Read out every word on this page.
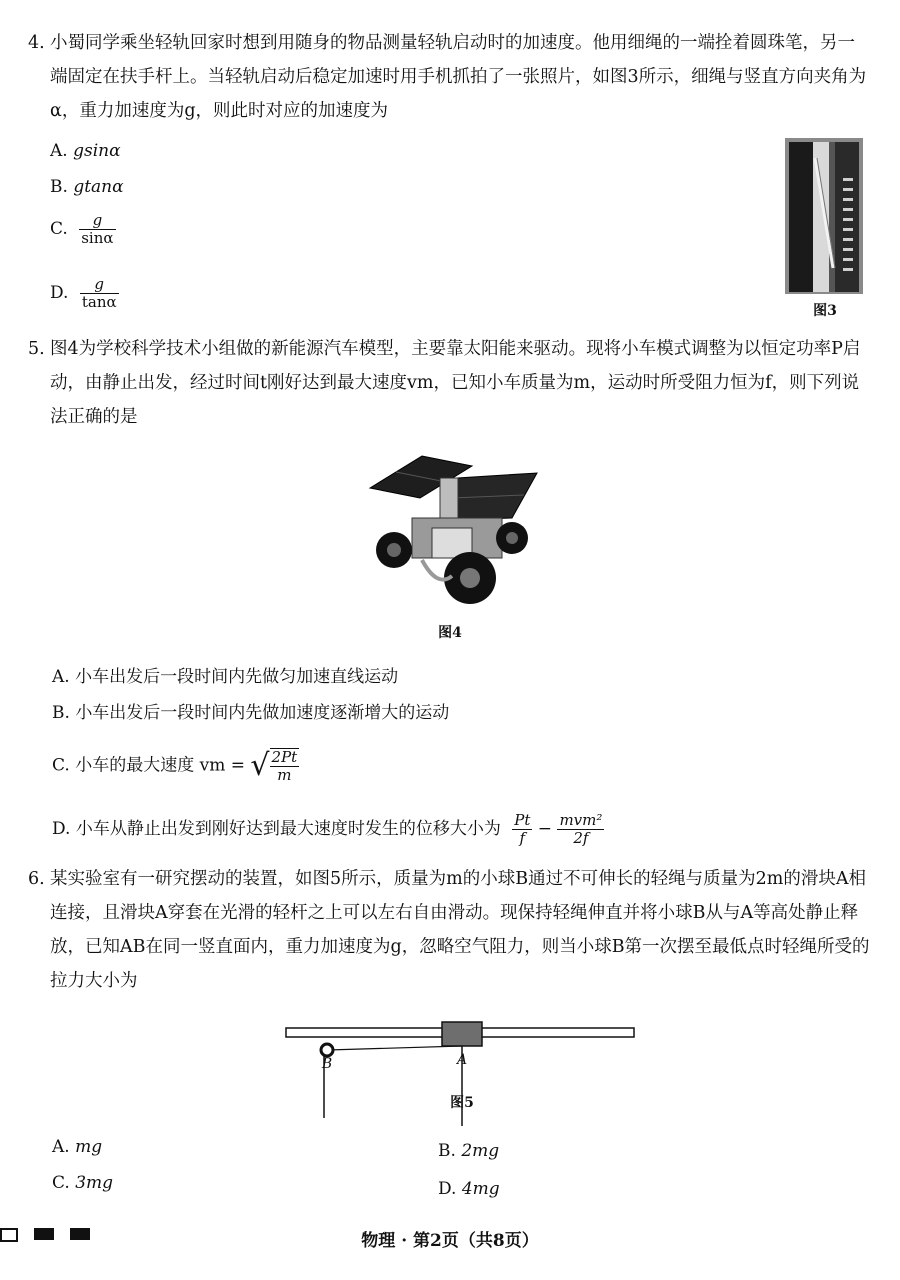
4. 小蜀同学乘坐轻轨回家时想到用随身的物品测量轻轨启动时的加速度。他用细绳的一端拴着圆珠笔，另一端固定在扶手杆上。当轻轨启动后稳定加速时用手机抓拍了一张照片，如图3所示，细绳与竖直方向夹角为α，重力加速度为g，则此时对应的加速度为
A. gsinα
B. gtanα
C. $\frac{g}{\sin\alpha}$
D. $\frac{g}{\tan\alpha}$	图3
5. 图4为学校科学技术小组做的新能源汽车模型，主要靠太阳能来驱动。现将小车模式调整为以恒定功率P启动，由静止出发，经过时间t刚好达到最大速度vm，已知小车质量为m，运动时所受阻力恒为f，则下列说法正确的是
图4
A. 小车出发后一段时间内先做匀加速直线运动
B. 小车出发后一段时间内先做加速度逐渐增大的运动
C. 小车的最大速度 vm = √ $\frac{2Pt}{m}$
D. 小车从静止出发到刚好达到最大速度时发生的位移大小为 $\frac{Pt}{f} - \frac{\text{mvm²}}{2f}$
6. 某实验室有一研究摆动的装置，如图5所示，质量为m的小球B通过不可伸长的轻绳与质量为2m的滑块A相连接，且滑块A穿套在光滑的轻杆之上可以左右自由滑动。现保持轻绳伸直并将小球B从与A等高处静止释放，已知AB在同一竖直面内，重力加速度为g，忽略空气阻力，则当小球B第一次摆至最低点时轻绳所受的拉力大小为
B	A
图5
A. mg	B. 2mg
C. 3mg	D. 4mg
物理 · 第2页（共8页）
